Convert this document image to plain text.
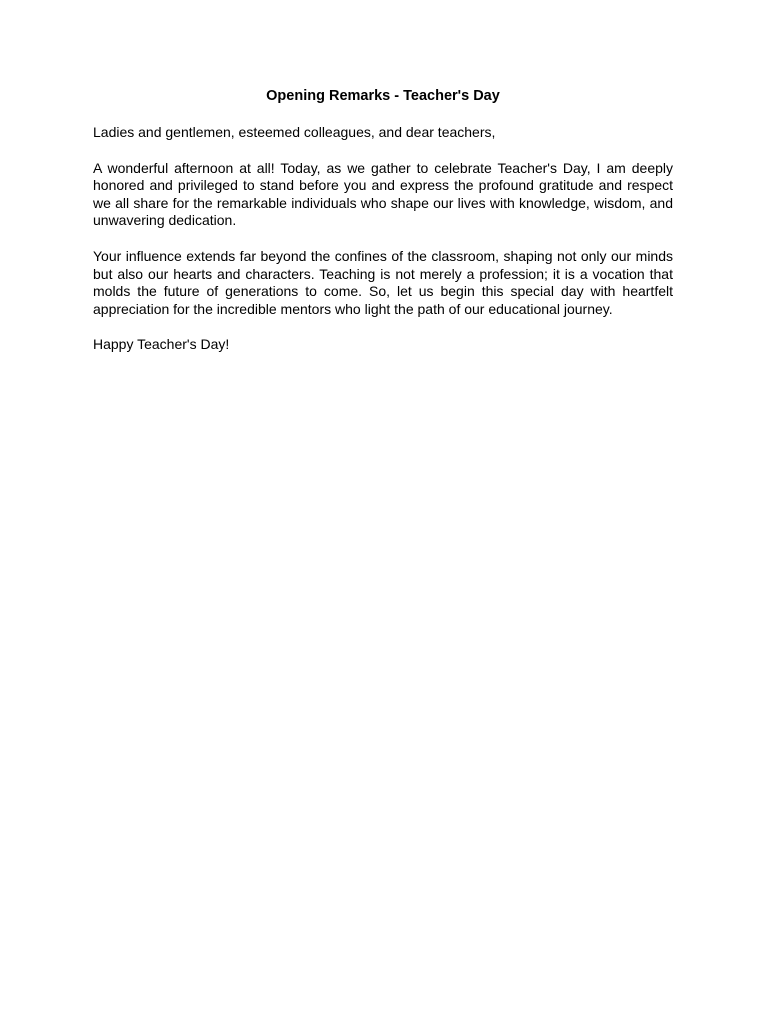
Opening Remarks - Teacher's Day

Ladies and gentlemen, esteemed colleagues, and dear teachers,

A wonderful afternoon at all! Today, as we gather to celebrate Teacher's Day, I am deeply honored and privileged to stand before you and express the profound gratitude and respect we all share for the remarkable individuals who shape our lives with knowledge, wisdom, and unwavering dedication.

Your influence extends far beyond the confines of the classroom, shaping not only our minds but also our hearts and characters. Teaching is not merely a profession; it is a vocation that molds the future of generations to come. So, let us begin this special day with heartfelt appreciation for the incredible mentors who light the path of our educational journey.

Happy Teacher's Day!
